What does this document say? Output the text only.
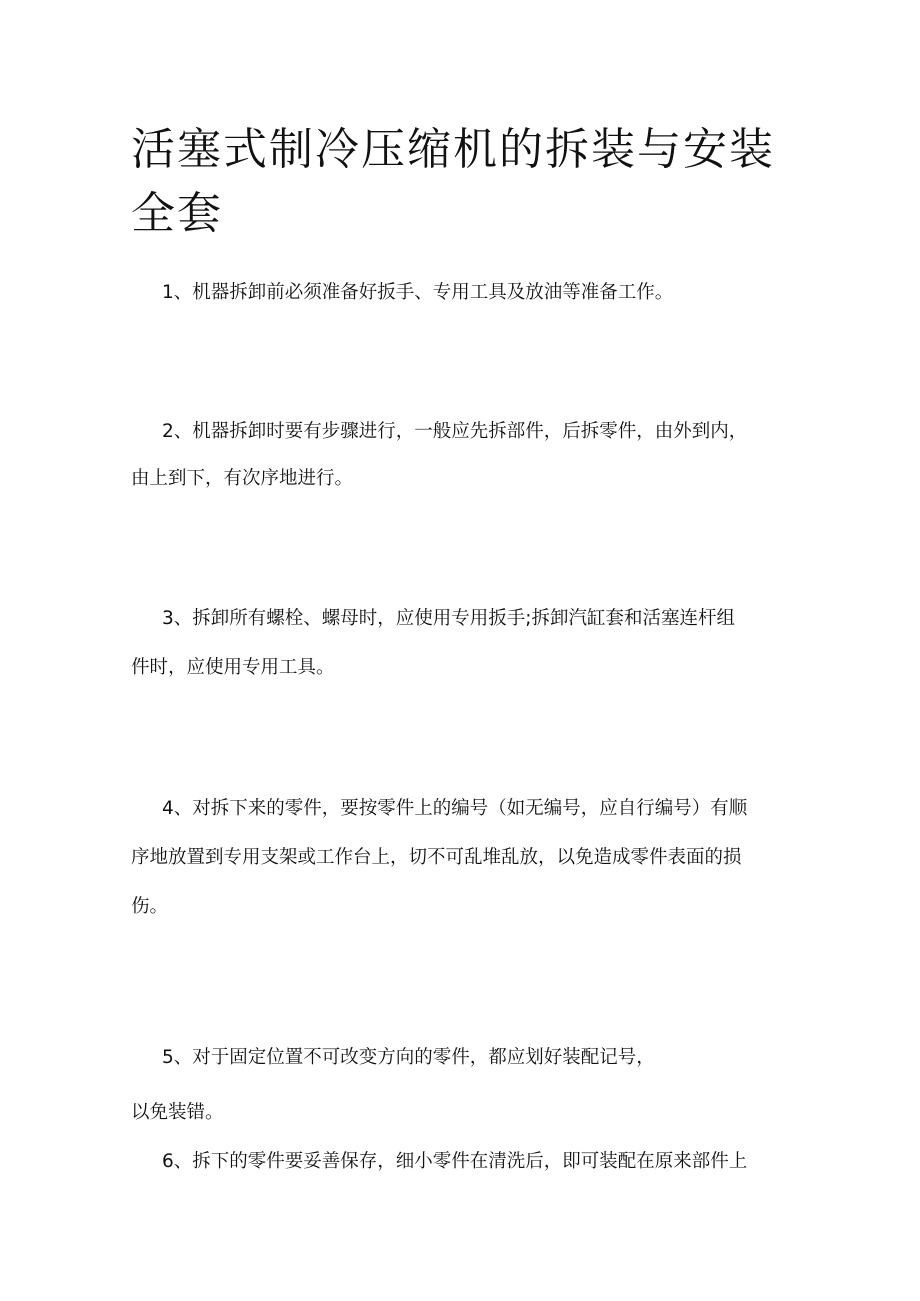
活塞式制冷压缩机的拆装与安装全套
1、机器拆卸前必须准备好扳手、专用工具及放油等准备工作。
2、机器拆卸时要有步骤进行，一般应先拆部件，后拆零件，由外到内，
由上到下，有次序地进行。
3、拆卸所有螺栓、螺母时，应使用专用扳手;拆卸汽缸套和活塞连杆组
件时，应使用专用工具。
4、对拆下来的零件，要按零件上的编号（如无编号，应自行编号）有顺
序地放置到专用支架或工作台上，切不可乱堆乱放，以免造成零件表面的损
伤。
5、对于固定位置不可改变方向的零件，都应划好装配记号，
以免装错。
6、拆下的零件要妥善保存，细小零件在清洗后，即可装配在原来部件上
